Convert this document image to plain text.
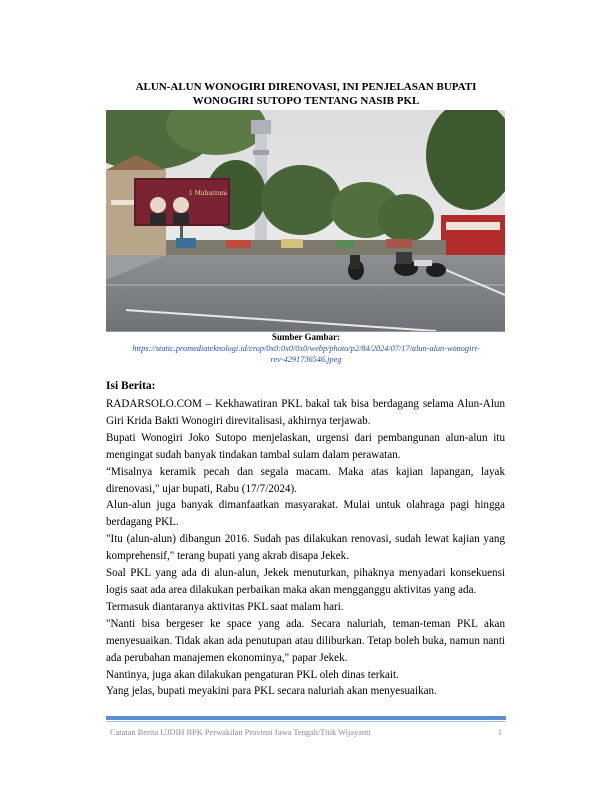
ALUN-ALUN WONOGIRI DIRENOVASI, INI PENJELASAN BUPATI
WONOGIRI SUTOPO TENTANG NASIB PKL
1 Muharram
Sumber Gambar:
https://static.promediateknologi.id/crop/0x0:0x0/0x0/webp/photo/p2/84/2024/07/17/alun-alun-wonogiri-
rev-4291736546.jpeg
Isi Berita:

RADARSOLO.COM – Kekhawatiran PKL bakal tak bisa berdagang selama Alun-Alun Giri Krida Bakti Wonogiri direvitalisasi, akhirnya terjawab.

Bupati Wonogiri Joko Sutopo menjelaskan, urgensi dari pembangunan alun-alun itu mengingat sudah banyak tindakan tambal sulam dalam perawatan.

“Misalnya keramik pecah dan segala macam. Maka atas kajian lapangan, layak direnovasi," ujar bupati, Rabu (17/7/2024).

Alun-alun juga banyak dimanfaatkan masyarakat. Mulai untuk olahraga pagi hingga berdagang PKL.

"Itu (alun-alun) dibangun 2016. Sudah pas dilakukan renovasi, sudah lewat kajian yang komprehensif," terang bupati yang akrab disapa Jekek.

Soal PKL yang ada di alun-alun, Jekek menuturkan, pihaknya menyadari konsekuensi logis saat ada area dilakukan perbaikan maka akan mengganggu aktivitas yang ada.

Termasuk diantaranya aktivitas PKL saat malam hari.

"Nanti bisa bergeser ke space yang ada. Secara naluriah, teman-teman PKL akan menyesuaikan. Tidak akan ada penutupan atau diliburkan. Tetap boleh buka, namun nanti ada perubahan manajemen ekonominya," papar Jekek.

Nantinya, juga akan dilakukan pengaturan PKL oleh dinas terkait.

Yang jelas, bupati meyakini para PKL secara naluriah akan menyesuaikan.

Catatan Berita UJDIH BPK Perwakilan Provinsi Jawa Tengah/Titik Wijayanti	1
